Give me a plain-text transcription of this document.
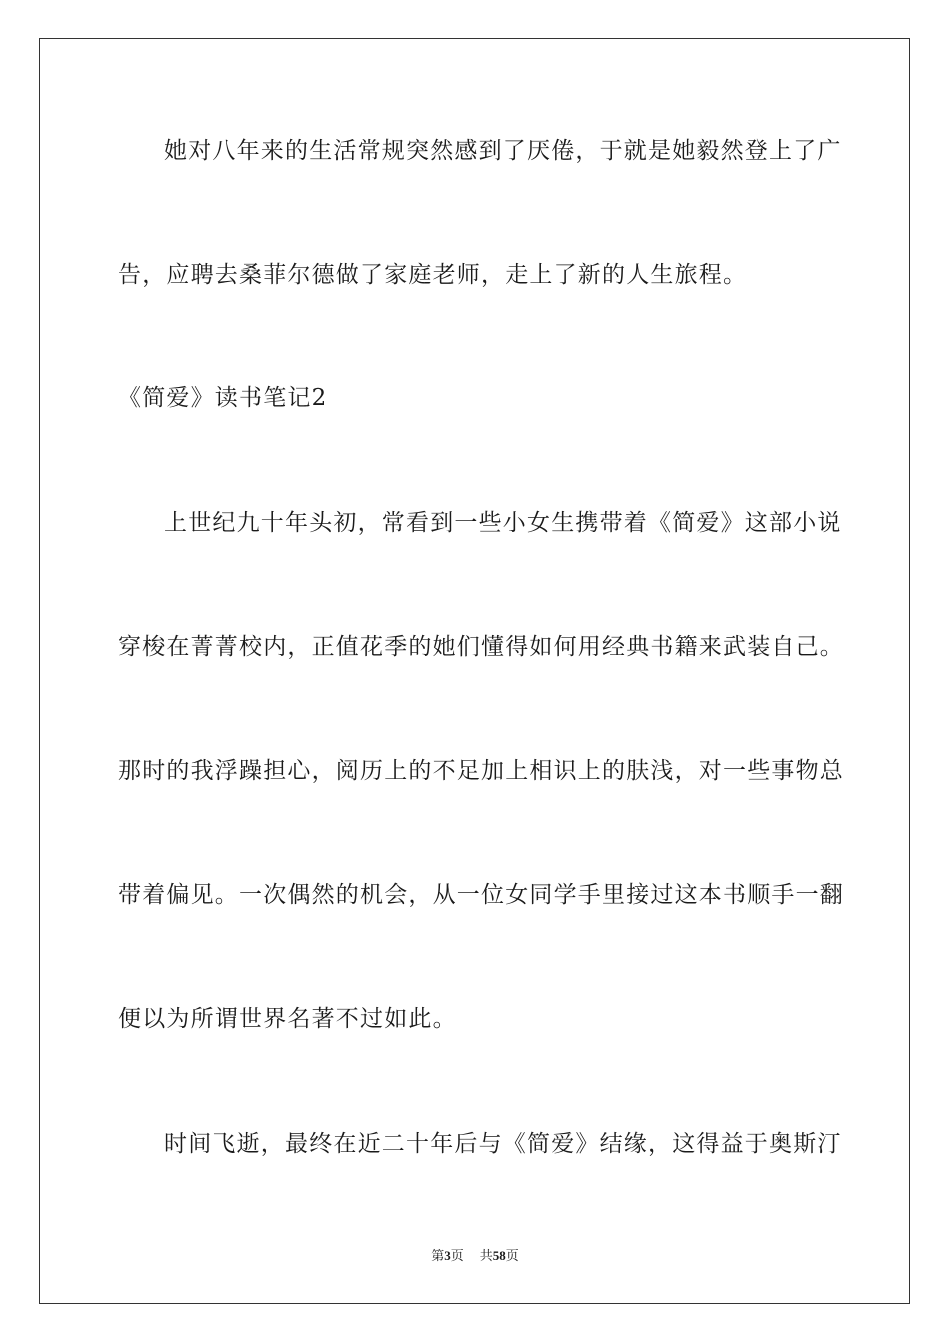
她对八年来的生活常规突然感到了厌倦，于就是她毅然登上了广
告，应聘去桑菲尔德做了家庭老师，走上了新的人生旅程。
《简爱》读书笔记2
上世纪九十年头初，常看到一些小女生携带着《简爱》这部小说
穿梭在菁菁校内，正值花季的她们懂得如何用经典书籍来武装自己。
那时的我浮躁担心，阅历上的不足加上相识上的肤浅，对一些事物总
带着偏见。一次偶然的机会，从一位女同学手里接过这本书顺手一翻
便以为所谓世界名著不过如此。
时间飞逝，最终在近二十年后与《简爱》结缘，这得益于奥斯汀
第3页 共58页
